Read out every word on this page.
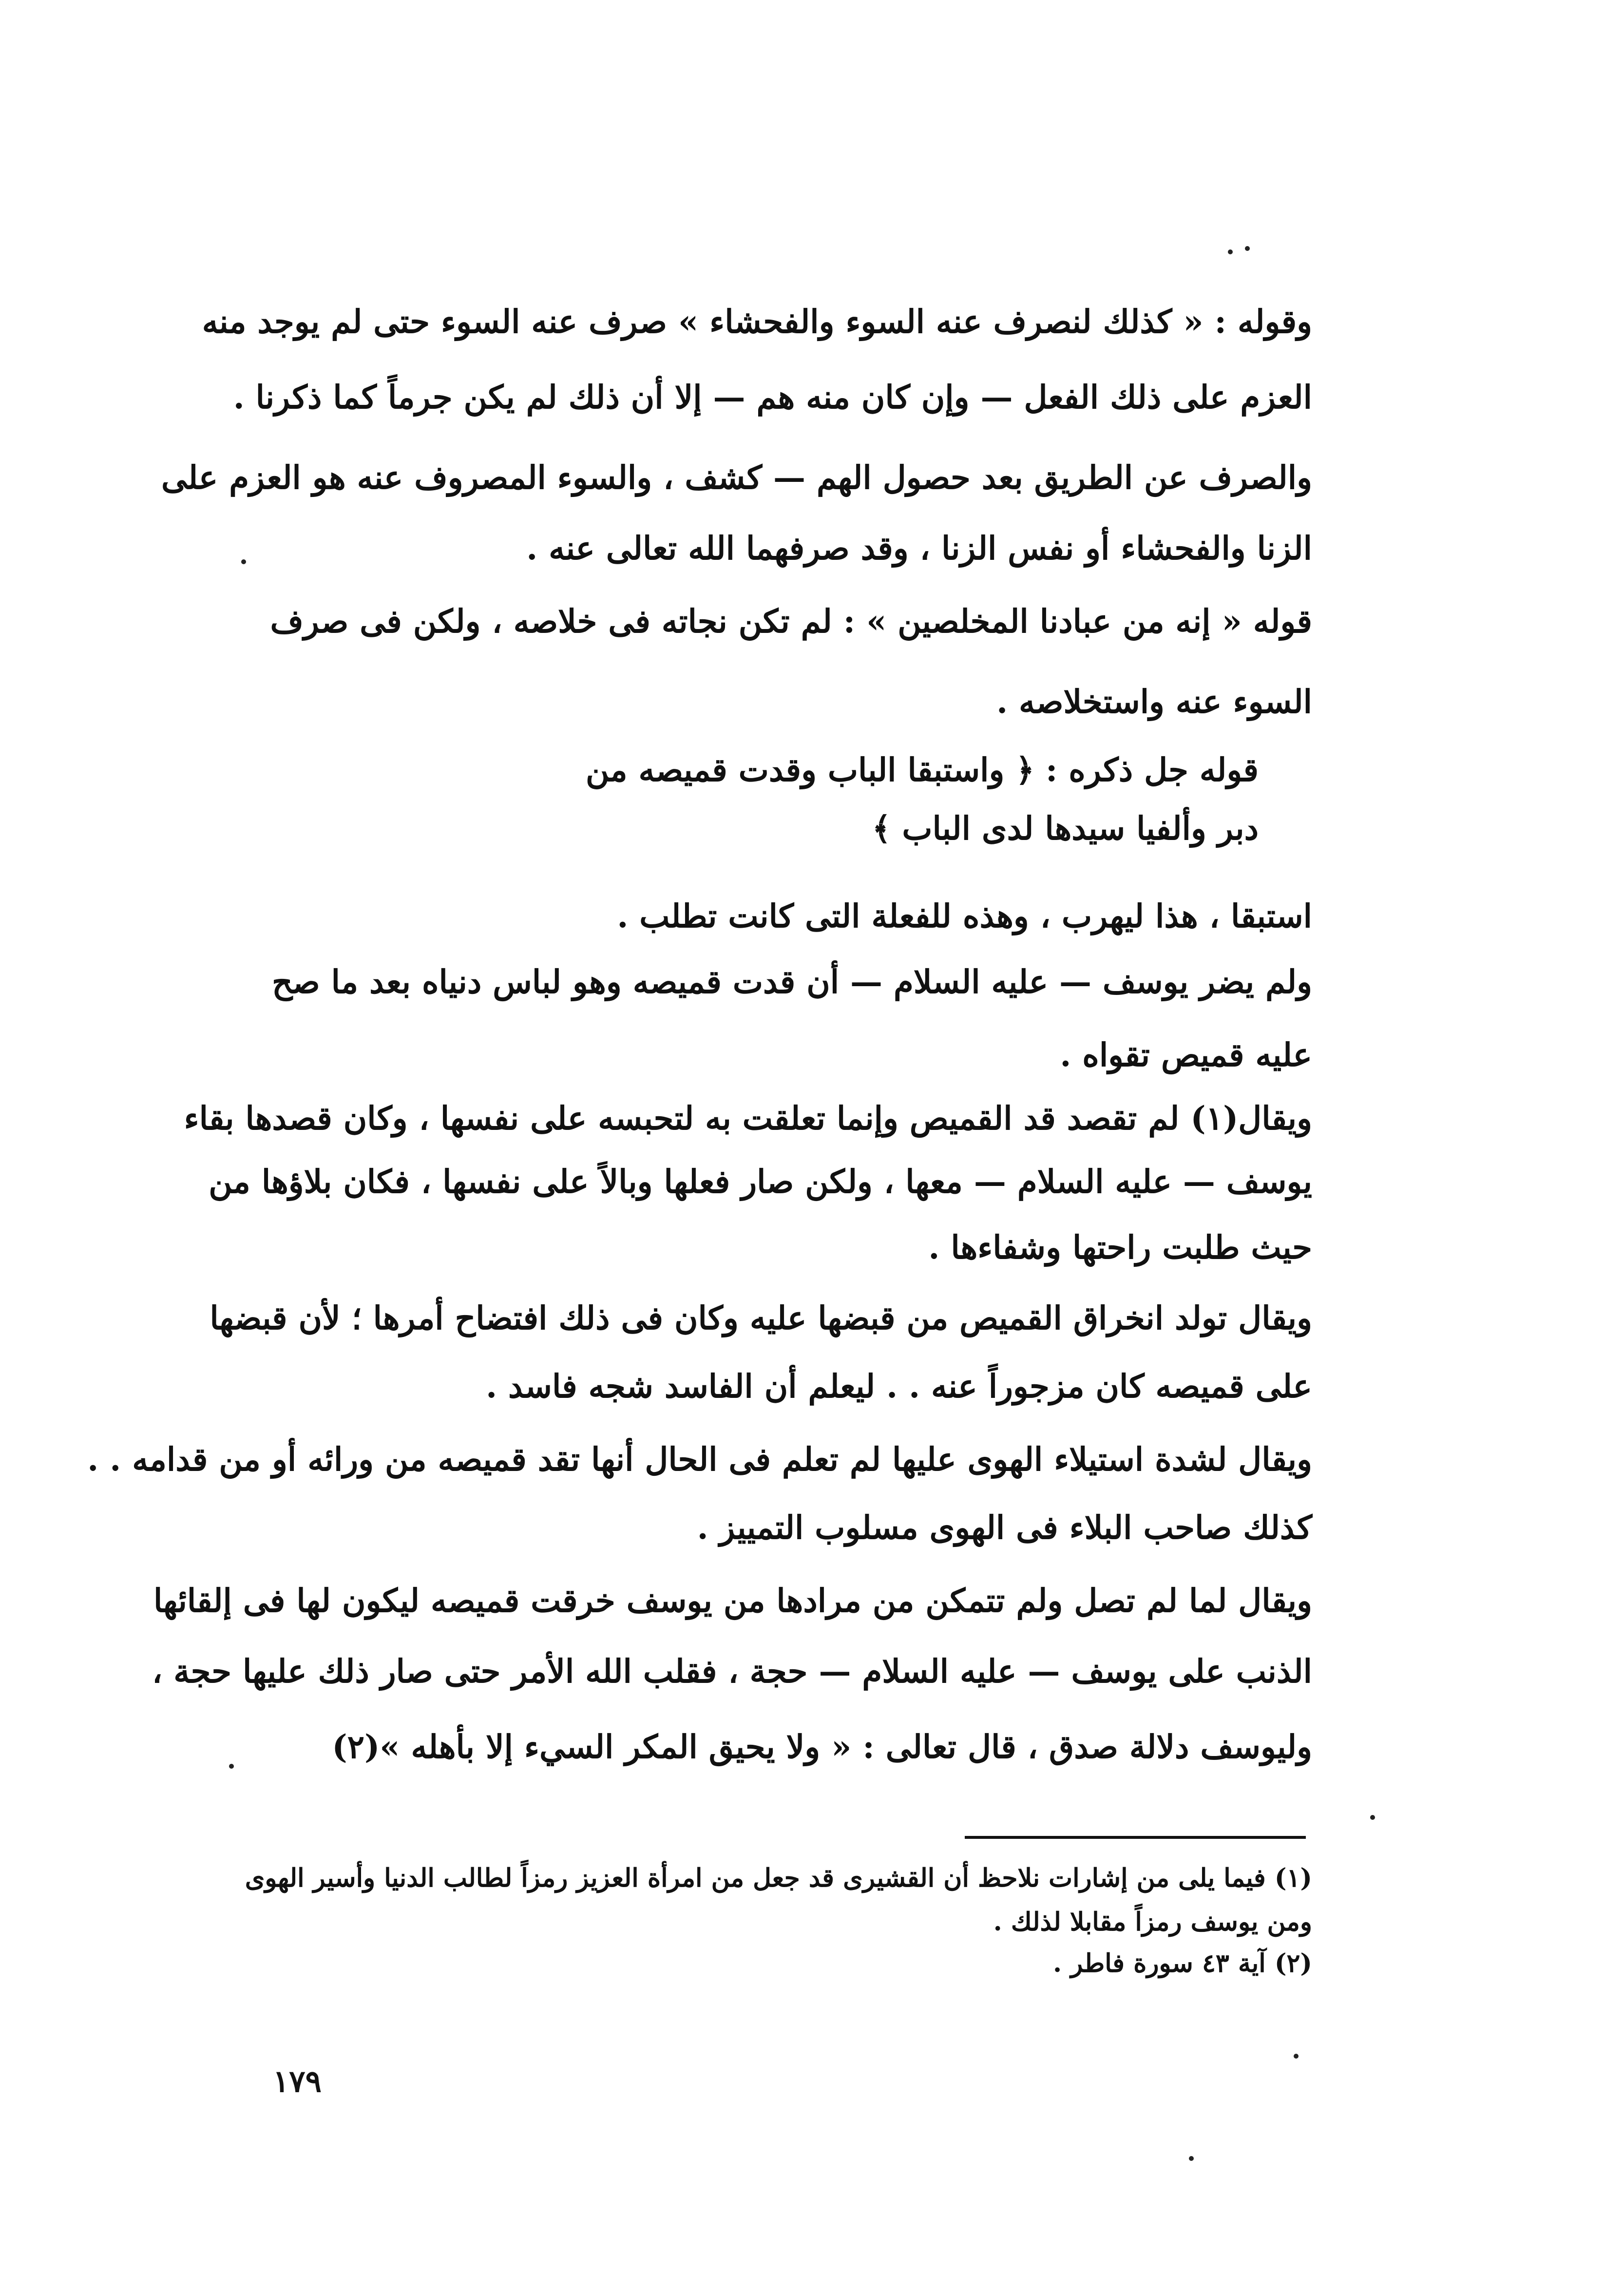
وقوله : « كذلك لنصرف عنه السوء والفحشاء » صرف عنه السوء حتى لم يوجد منه
العزم على ذلك الفعل — وإن كان منه هم — إلا أن ذلك لم يكن جرماً كما ذكرنا .
والصرف عن الطريق بعد حصول الهم — كشف ، والسوء المصروف عنه هو العزم على
الزنا والفحشاء أو نفس الزنا ، وقد صرفهما الله تعالى عنه .
قوله « إنه من عبادنا المخلصين » : لم تكن نجاته فى خلاصه ، ولكن فى صرف
السوء عنه واستخلاصه .
قوله جل ذكره : ﴿ واستبقا الباب وقدت قميصه من
دبر وألفيا سيدها لدى الباب ﴾
استبقا ، هذا ليهرب ، وهذه للفعلة التى كانت تطلب .
ولم يضر يوسف — عليه السلام — أن قدت قميصه وهو لباس دنياه بعد ما صح
عليه قميص تقواه .
ويقال(١) لم تقصد قد القميص وإنما تعلقت به لتحبسه على نفسها ، وكان قصدها بقاء
يوسف — عليه السلام — معها ، ولكن صار فعلها وبالاً على نفسها ، فكان بلاؤها من
حيث طلبت راحتها وشفاءها .
ويقال تولد انخراق القميص من قبضها عليه وكان فى ذلك افتضاح أمرها ؛ لأن قبضها
على قميصه كان مزجوراً عنه . . ليعلم أن الفاسد شجه فاسد .
ويقال لشدة استيلاء الهوى عليها لم تعلم فى الحال أنها تقد قميصه من ورائه أو من قدامه . .
كذلك صاحب البلاء فى الهوى مسلوب التمييز .
ويقال لما لم تصل ولم تتمكن من مرادها من يوسف خرقت قميصه ليكون لها فى إلقائها
الذنب على يوسف — عليه السلام — حجة ، فقلب الله الأمر حتى صار ذلك عليها حجة ،
وليوسف دلالة صدق ، قال تعالى : « ولا يحيق المكر السيء إلا بأهله »(٢)
(١) فيما يلى من إشارات نلاحظ أن القشيرى قد جعل من امرأة العزيز رمزاً لطالب الدنيا وأسير الهوى
ومن يوسف رمزاً مقابلا لذلك .
(٢) آية ٤٣ سورة فاطر .
١٧٩
